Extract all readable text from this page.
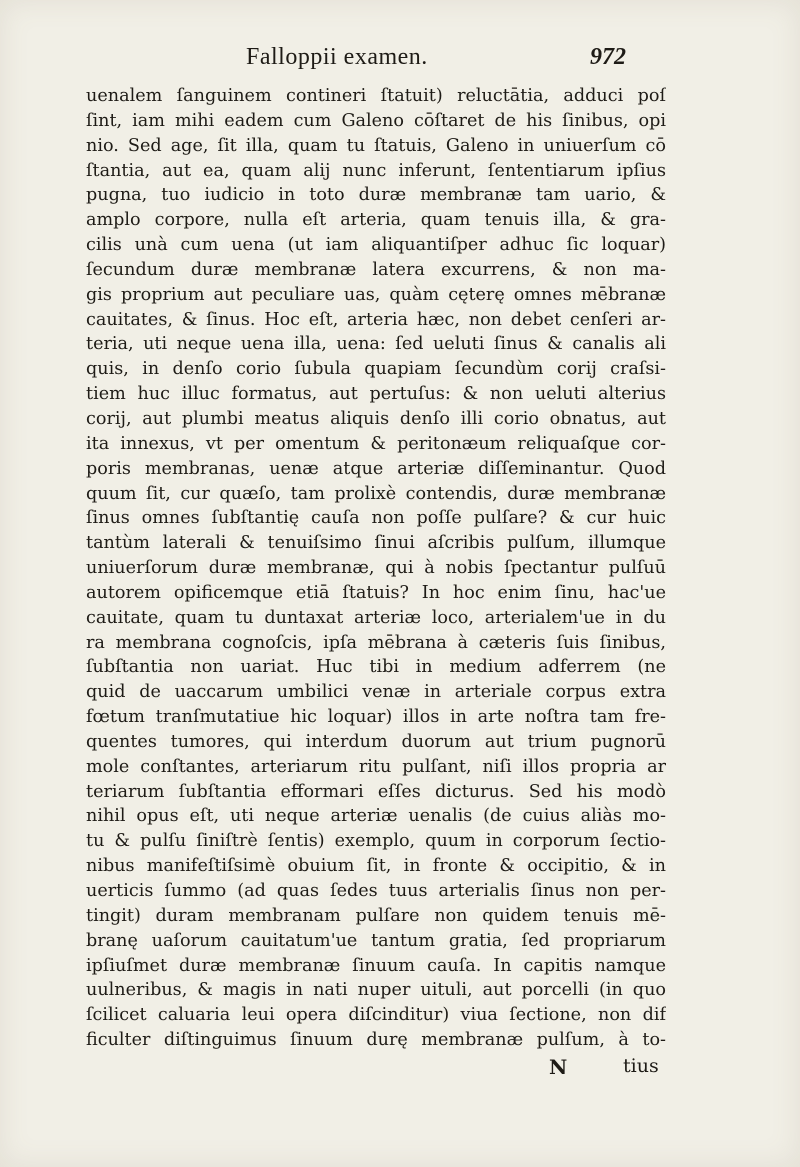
Falloppii examen.	972
uenalem ſanguinem contineri ſtatuit) reluctātia, adduci poſ
ſint, iam mihi eadem cum Galeno cōſtaret de his ſinibus, opi
nio. Sed age, ſit illa, quam tu ſtatuis, Galeno in uniuerſum cō
ſtantia, aut ea, quam alij nunc inferunt, ſententiarum ipſius
pugna, tuo iudicio in toto duræ membranæ tam uario, &
amplo corpore, nulla eſt arteria, quam tenuis illa, & gra-
cilis unà cum uena (ut iam aliquantiſper adhuc ſic loquar)
ſecundum duræ membranæ latera excurrens, & non ma-
gis proprium aut peculiare uas, quàm cęterę omnes mēbranæ
cauitates, & ſinus. Hoc eſt, arteria hæc, non debet cenſeri ar-
teria, uti neque uena illa, uena: ſed ueluti ſinus & canalis ali
quis, in denſo corio ſubula quapiam ſecundùm corij craſsi-
tiem huc illuc formatus, aut pertuſus: & non ueluti alterius
corij, aut plumbi meatus aliquis denſo illi corio obnatus, aut
ita innexus, vt per omentum & peritonæum reliquaſque cor-
poris membranas, uenæ atque arteriæ diſſeminantur. Quod
quum ſit, cur quæſo, tam prolixè contendis, duræ membranæ
ſinus omnes ſubſtantię cauſa non poſſe pulſare? & cur huic
tantùm laterali & tenuiſsimo ſinui aſcribis pulſum, illumque
uniuerſorum duræ membranæ, qui à nobis ſpectantur pulſuū
autorem opificemque etiā ſtatuis? In hoc enim ſinu, hac'ue
cauitate, quam tu duntaxat arteriæ loco, arterialem'ue in du
ra membrana cognoſcis, ipſa mēbrana à cæteris ſuis ſinibus,
ſubſtantia non uariat. Huc tibi in medium adferrem (ne
quid de uaccarum umbilici venæ in arteriale corpus extra
fœtum tranſmutatiue hic loquar) illos in arte noſtra tam fre-
quentes tumores, qui interdum duorum aut trium pugnorū
mole conſtantes, arteriarum ritu pulſant, niſi illos propria ar
teriarum ſubſtantia efformari eſſes dicturus. Sed his modò
nihil opus eſt, uti neque arteriæ uenalis (de cuius aliàs mo-
tu & pulſu ſiniſtrè ſentis) exemplo, quum in corporum ſectio-
nibus manifeſtiſsimè obuium ſit, in fronte & occipitio, & in
uerticis ſummo (ad quas ſedes tuus arterialis ſinus non per-
tingit) duram membranam pulſare non quidem tenuis mē-
branę uaſorum cauitatum'ue tantum gratia, ſed propriarum
ipſiuſmet duræ membranæ ſinuum cauſa. In capitis namque
uulneribus, & magis in nati nuper uituli, aut porcelli (in quo
ſcilicet caluaria leui opera diſcinditur) viua ſectione, non dif
ficulter diſtinguimus ſinuum durę membranæ pulſum, à to-
N	tius
